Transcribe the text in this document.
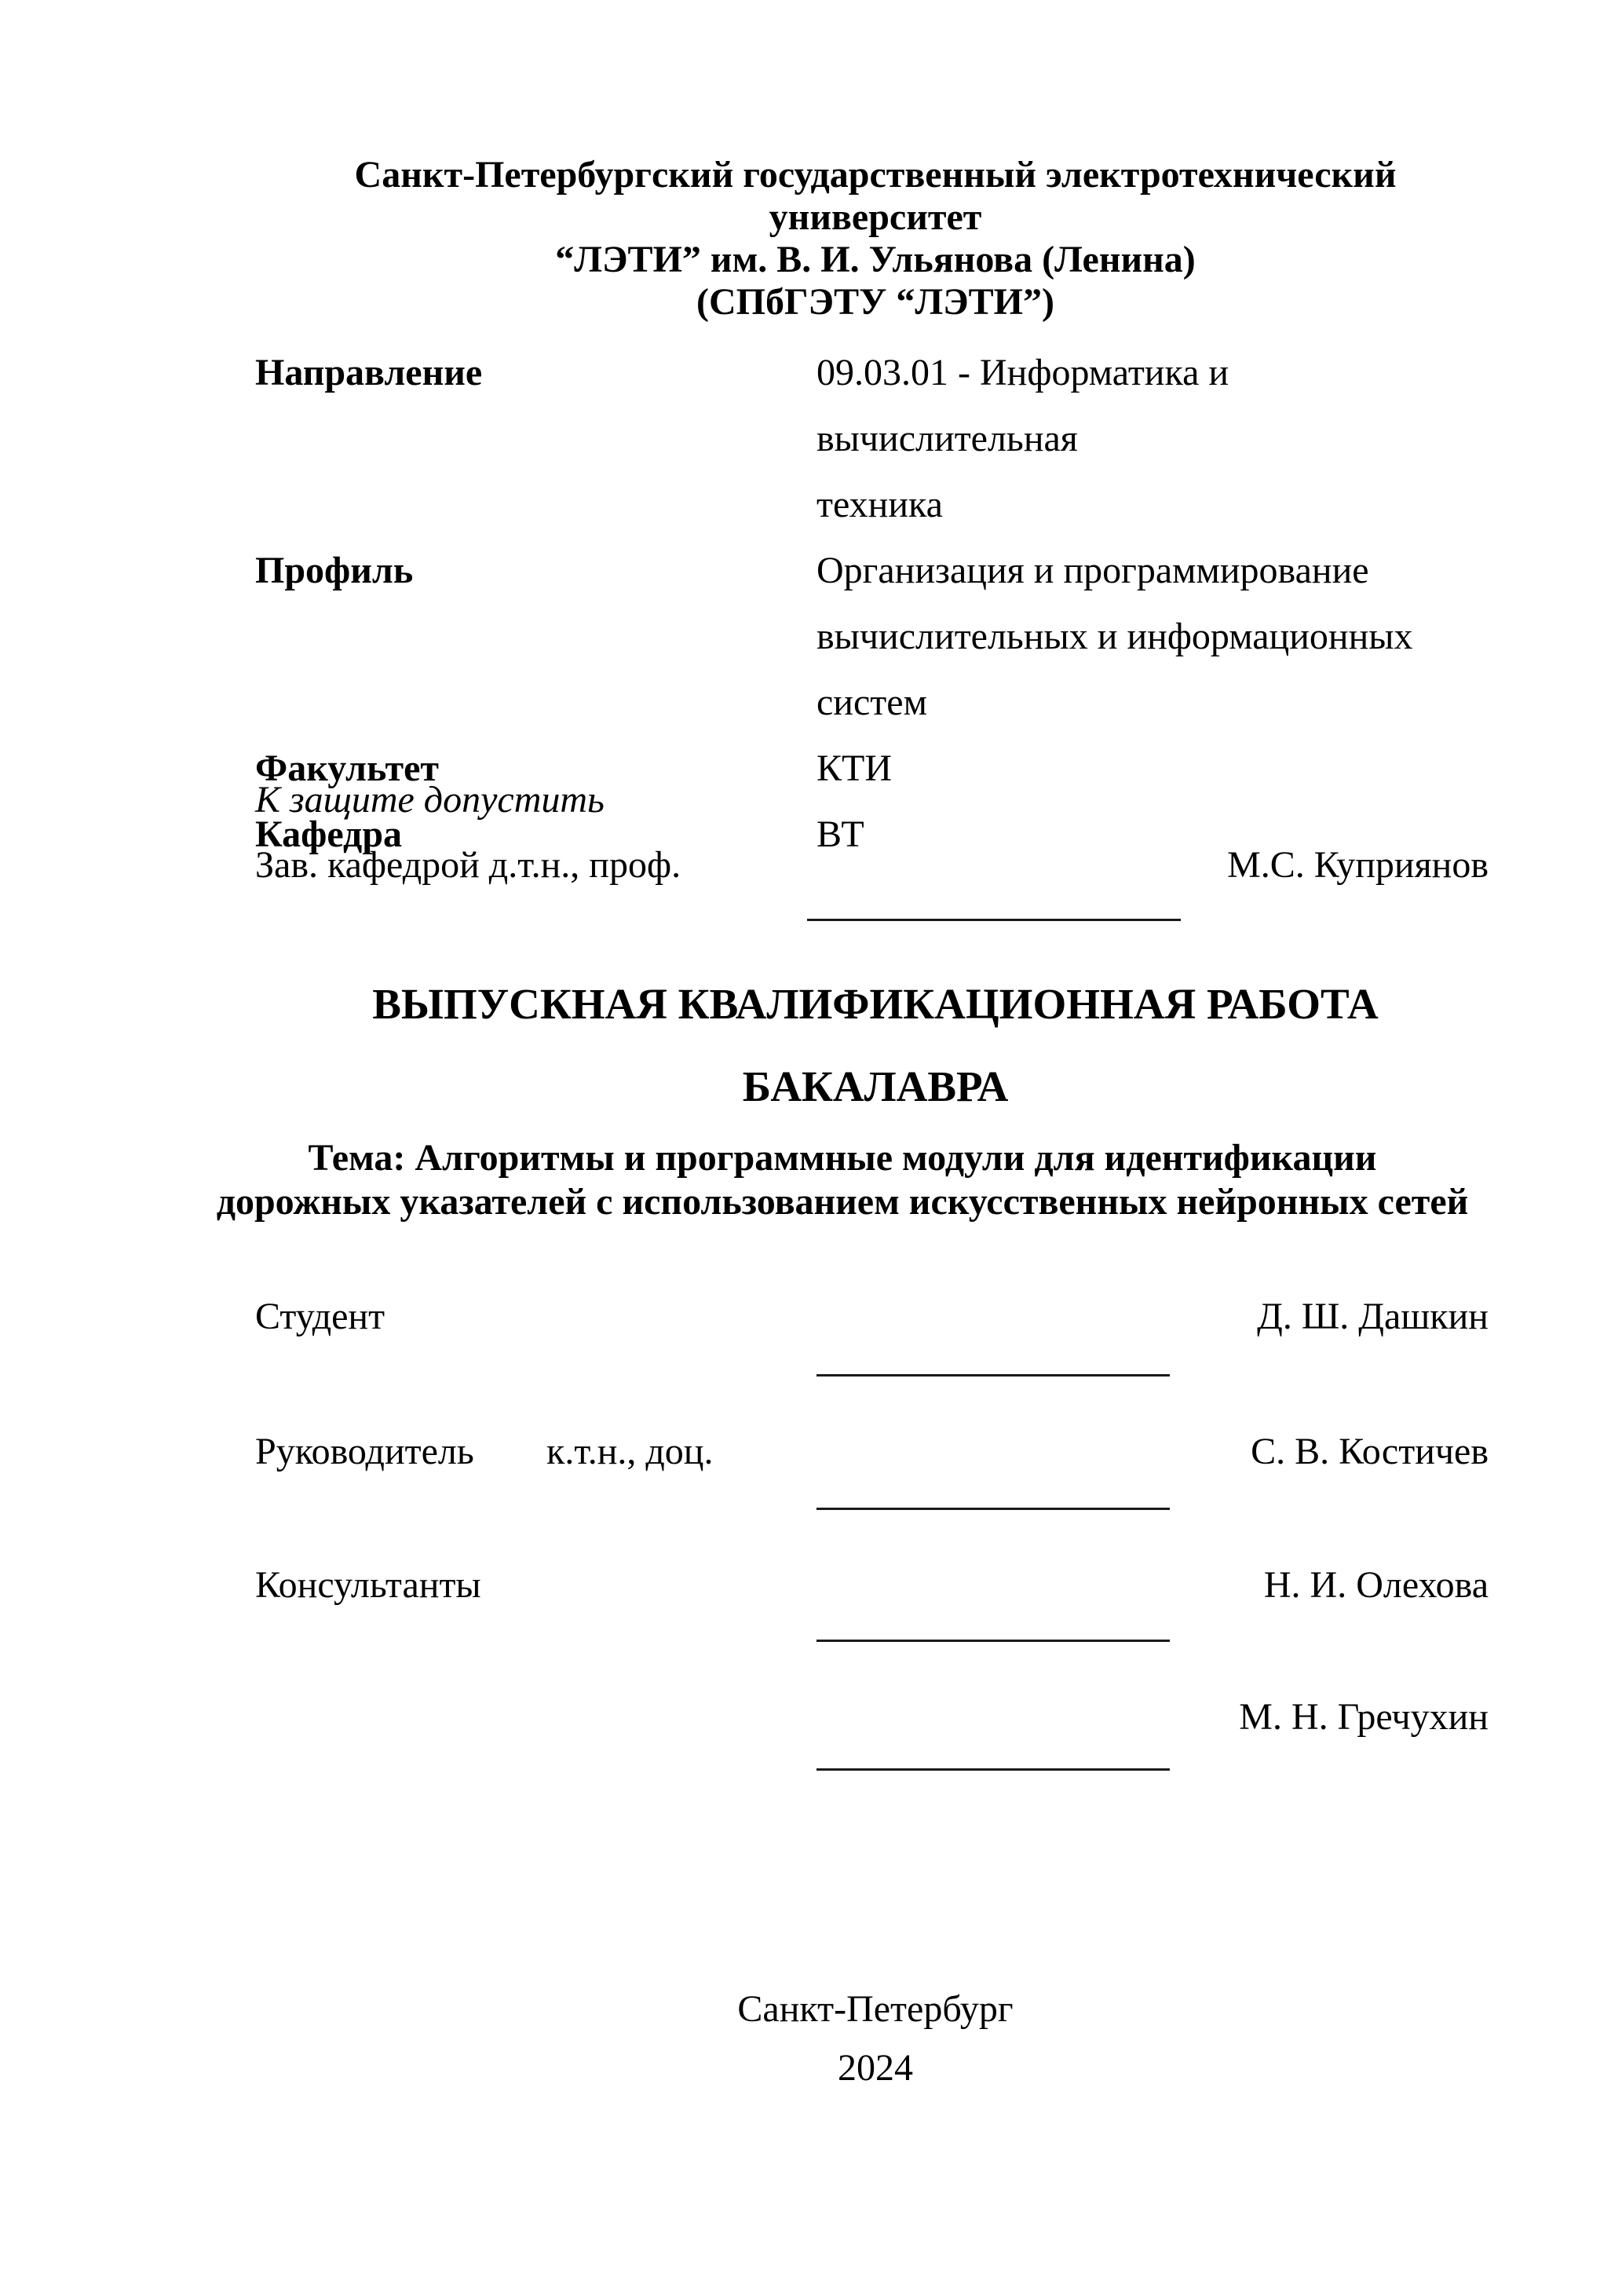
Санкт-Петербургский государственный электротехнический университет
“ЛЭТИ” им. В. И. Ульянова (Ленина)
(СПбГЭТУ “ЛЭТИ”)
Направление	09.03.01 - Информатика и вычислительная
техника
Профиль	Организация и программирование
вычислительных и информационных систем
Факультет	КТИ
Кафедра	ВТ
К защите допустить
Зав. кафедрой д.т.н., проф.	М.С. Куприянов
ВЫПУСКНАЯ КВАЛИФИКАЦИОННАЯ РАБОТА
БАКАЛАВРА
Тема: Алгоритмы и программные модули для идентификации
дорожных указателей с использованием искусственных нейронных сетей
Студент	Д. Ш. Дашкин
Руководитель к.т.н., доц.	С. В. Костичев
Консультанты	Н. И. Олехова
М. Н. Гречухин
Санкт-Петербург
2024
